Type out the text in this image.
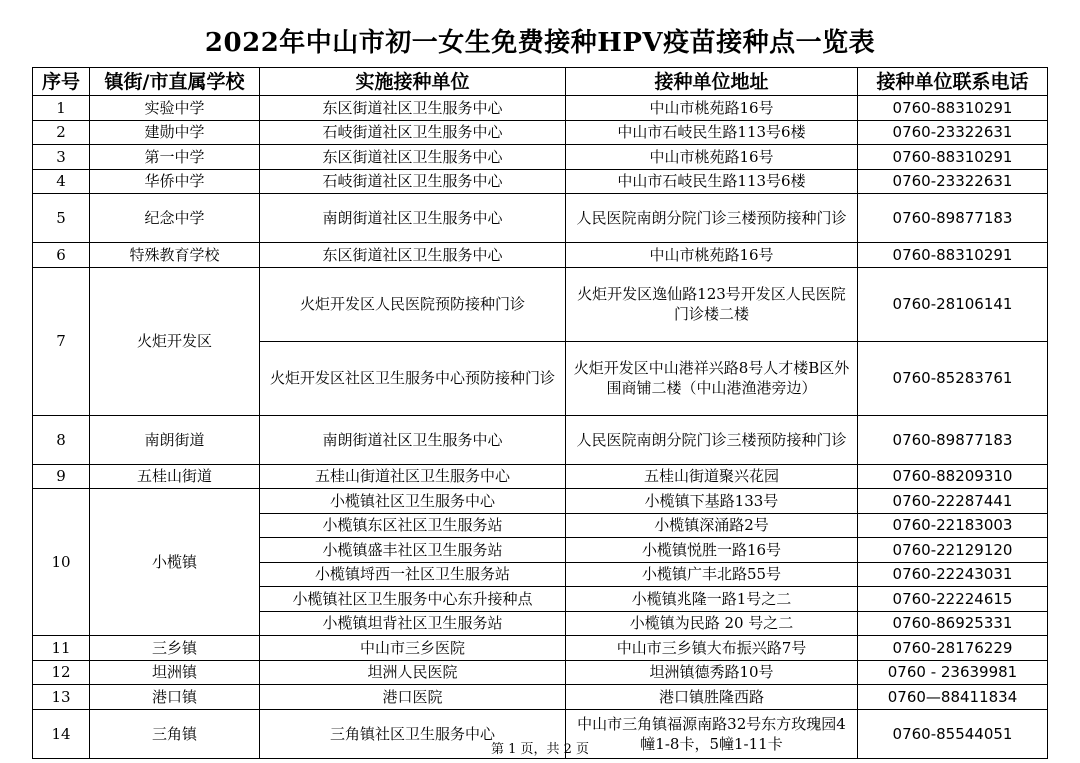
2022年中山市初一女生免费接种HPV疫苗接种点一览表
序号	镇街/市直属学校	实施接种单位	接种单位地址	接种单位联系电话
1	实验中学	东区街道社区卫生服务中心	中山市桃苑路16号	0760-88310291
2	建勋中学	石岐街道社区卫生服务中心	中山市石岐民生路113号6楼	0760-23322631
3	第一中学	东区街道社区卫生服务中心	中山市桃苑路16号	0760-88310291
4	华侨中学	石岐街道社区卫生服务中心	中山市石岐民生路113号6楼	0760-23322631
5	纪念中学	南朗街道社区卫生服务中心	人民医院南朗分院门诊三楼预防接种门诊	0760-89877183
6	特殊教育学校	东区街道社区卫生服务中心	中山市桃苑路16号	0760-88310291
7	火炬开发区	火炬开发区人民医院预防接种门诊	火炬开发区逸仙路123号开发区人民医院门诊楼二楼	0760-28106141
		火炬开发区社区卫生服务中心预防接种门诊	火炬开发区中山港祥兴路8号人才楼B区外围商铺二楼（中山港渔港旁边）	0760-85283761
8	南朗街道	南朗街道社区卫生服务中心	人民医院南朗分院门诊三楼预防接种门诊	0760-89877183
9	五桂山街道	五桂山街道社区卫生服务中心	五桂山街道聚兴花园	0760-88209310
10	小榄镇	小榄镇社区卫生服务中心	小榄镇下基路133号	0760-22287441
		小榄镇东区社区卫生服务站	小榄镇深涌路2号	0760-22183003
		小榄镇盛丰社区卫生服务站	小榄镇悦胜一路16号	0760-22129120
		小榄镇埒西一社区卫生服务站	小榄镇广丰北路55号	0760-22243031
		小榄镇社区卫生服务中心东升接种点	小榄镇兆隆一路1号之二	0760-22224615
		小榄镇坦背社区卫生服务站	小榄镇为民路 20 号之二	0760-86925331
11	三乡镇	中山市三乡医院	中山市三乡镇大布振兴路7号	0760-28176229
12	坦洲镇	坦洲人民医院	坦洲镇德秀路10号	0760 - 23639981
13	港口镇	港口医院	港口镇胜隆西路	0760—88411834
14	三角镇	三角镇社区卫生服务中心	中山市三角镇福源南路32号东方玫瑰园4幢1-8卡，5幢1-11卡	0760-85544051
第 1 页，共 2 页
